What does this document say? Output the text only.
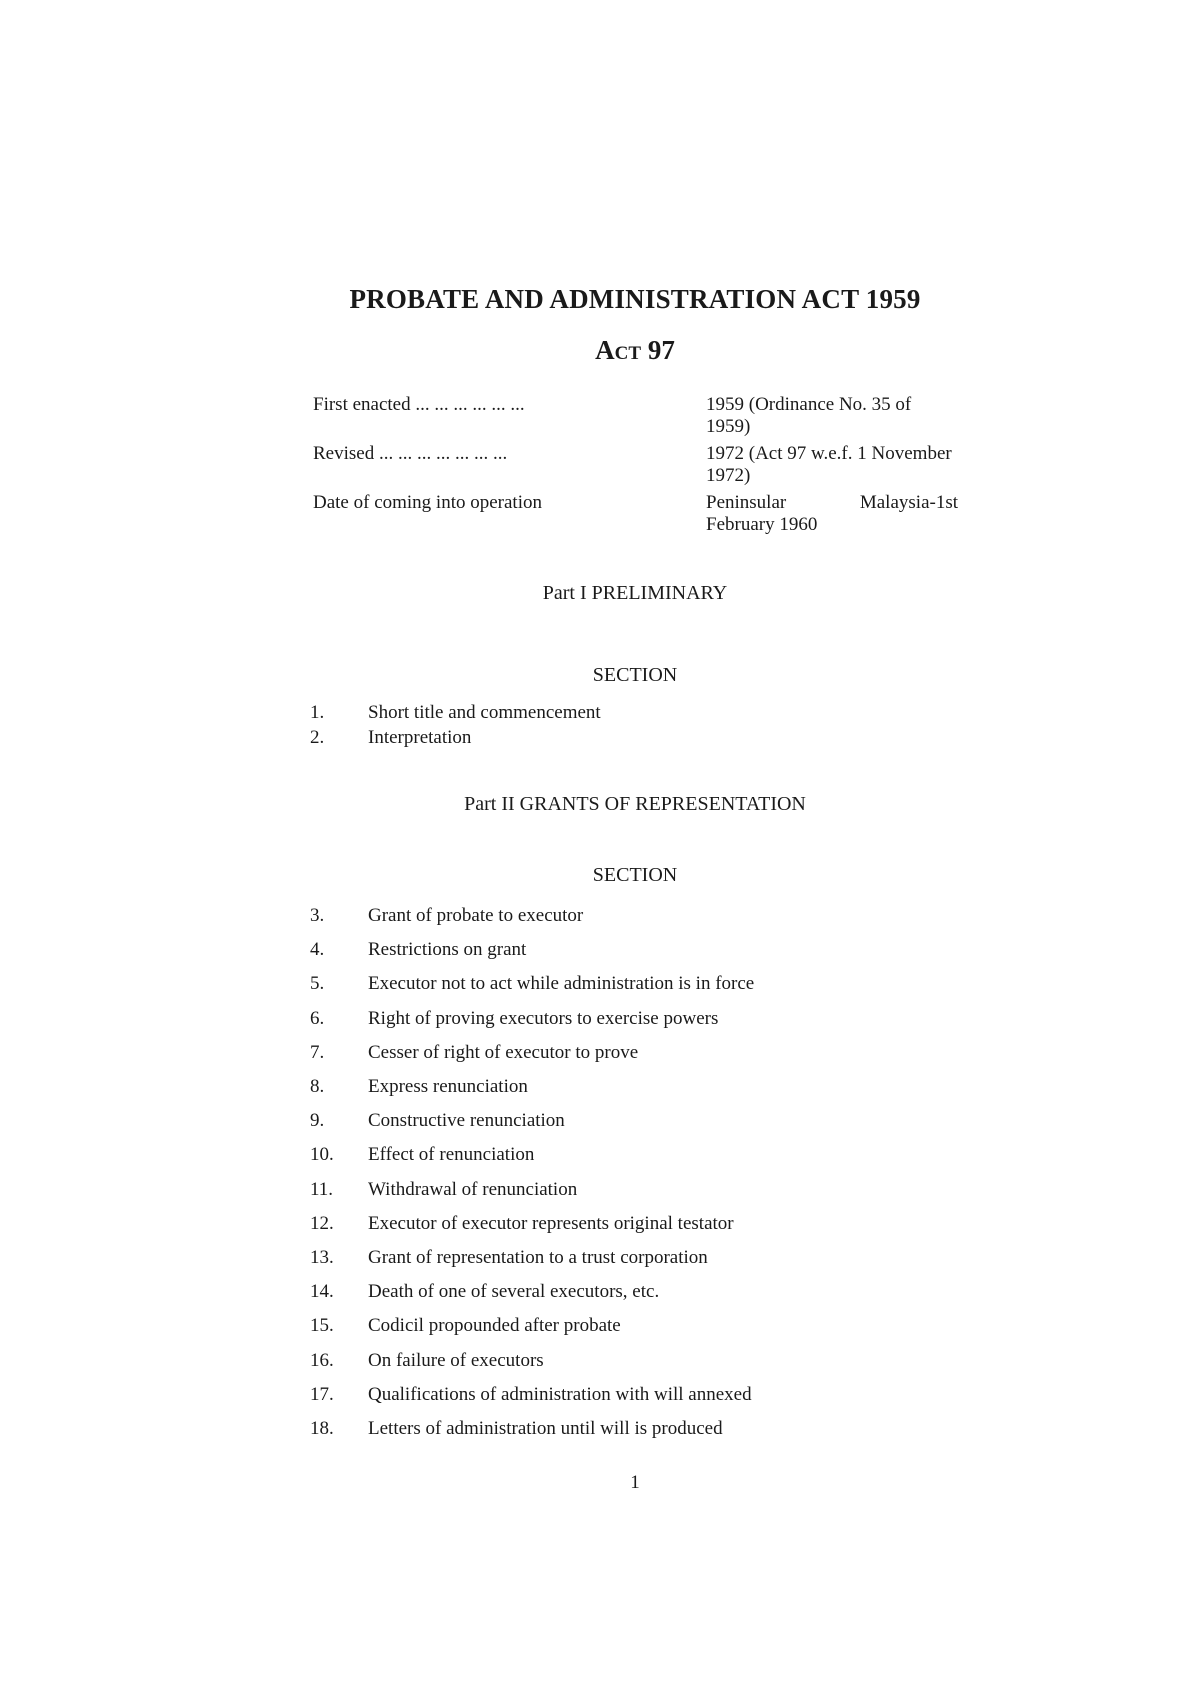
PROBATE AND ADMINISTRATION ACT 1959
Act 97
First enacted ... ... ... ... ... ...	1959 (Ordinance No. 35 of 1959)
Revised ... ... ... ... ... ... ...	1972 (Act 97 w.e.f. 1 November 1972)
Date of coming into operation	Peninsular Malaysia-1st February 1960
Part I PRELIMINARY
SECTION
1.	Short title and commencement
2.	Interpretation
Part II GRANTS OF REPRESENTATION
SECTION
3.	Grant of probate to executor
4.	Restrictions on grant
5.	Executor not to act while administration is in force
6.	Right of proving executors to exercise powers
7.	Cesser of right of executor to prove
8.	Express renunciation
9.	Constructive renunciation
10.	Effect of renunciation
11.	Withdrawal of renunciation
12.	Executor of executor represents original testator
13.	Grant of representation to a trust corporation
14.	Death of one of several executors, etc.
15.	Codicil propounded after probate
16.	On failure of executors
17.	Qualifications of administration with will annexed
18.	Letters of administration until will is produced
1
